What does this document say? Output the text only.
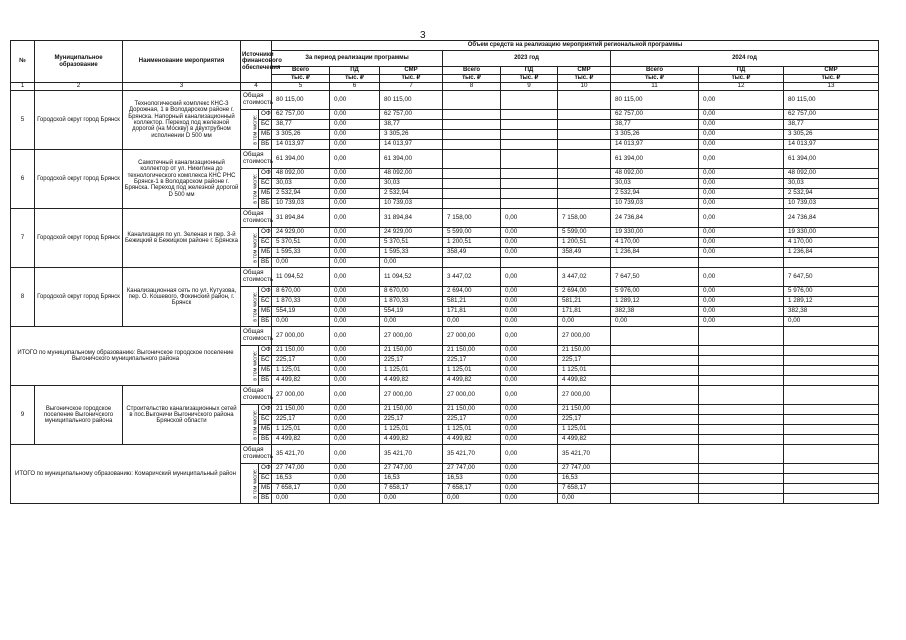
3
№	Муниципальное образование	Наименование мероприятия	Источники финансового обеспечения		Объем средств на реализацию мероприятий региональной программы								
					За период реализации программы			2023 год			2024 год		
					Всего	ПД	СМР	Всего	ПД	СМР	Всего	ПД	СМР
					тыс. ₽	тыс. ₽	тыс. ₽	тыс. ₽	тыс. ₽	тыс. ₽	тыс. ₽	тыс. ₽	тыс. ₽
1	2	3	4		5	6	7	8	9	10	11	12	13
5	Городской округ город Брянск	Технологический комплекс КНС-3 Дорожная, 1 в Володарском районе г. Брянска. Напорный канализационный коллектор. Переход под железной дорогой (на Москву) в двухтрубном исполнении D 500 мм	Общая стоимость		80 115,00	0,00	80 115,00				80 115,00	0,00	80 115,00
			в том числе:	ОФ	62 757,00	0,00	62 757,00				62 757,00	0,00	62 757,00
				БС	38,77	0,00	38,77				38,77	0,00	38,77
				МБ	3 305,26	0,00	3 305,26				3 305,26	0,00	3 305,26
				ВБ	14 013,97	0,00	14 013,97				14 013,97	0,00	14 013,97
6	Городской округ город Брянск	Самотечный канализационный коллектор от ул. Никитина до технологического комплекса КНС РНС Брянск-1 в Володарском районе г. Брянска. Переход под железной дорогой D 500 мм	Общая стоимость		61 394,00	0,00	61 394,00				61 394,00	0,00	61 394,00
			в том числе:	ОФ	48 092,00	0,00	48 092,00				48 092,00	0,00	48 092,00
				БС	30,03	0,00	30,03				30,03	0,00	30,03
				МБ	2 532,94	0,00	2 532,94				2 532,94	0,00	2 532,94
				ВБ	10 739,03	0,00	10 739,03				10 739,03	0,00	10 739,03
7	Городской округ город Брянск	Канализация по ул. Зеленая и пер. 3-й Бежицкий в Бежицком районе г. Брянска	Общая стоимость		31 894,84	0,00	31 894,84	7 158,00	0,00	7 158,00	24 736,84	0,00	24 736,84
			в том числе:	ОФ	24 929,00	0,00	24 929,00	5 599,00	0,00	5 599,00	19 330,00	0,00	19 330,00
				БС	5 370,51	0,00	5 370,51	1 200,51	0,00	1 200,51	4 170,00	0,00	4 170,00
				МБ	1 595,33	0,00	1 595,33	358,49	0,00	358,49	1 236,84	0,00	1 236,84
				ВБ	0,00	0,00	0,00						
8	Городской округ город Брянск	Канализационная сеть по ул. Кутузова, пер. О. Кошевого, Фокинский район, г. Брянск	Общая стоимость		11 094,52	0,00	11 094,52	3 447,02	0,00	3 447,02	7 647,50	0,00	7 647,50
			в том числе:	ОФ	8 670,00	0,00	8 670,00	2 694,00	0,00	2 694,00	5 976,00	0,00	5 976,00
				БС	1 870,33	0,00	1 870,33	581,21	0,00	581,21	1 289,12	0,00	1 289,12
				МБ	554,19	0,00	554,19	171,81	0,00	171,81	382,38	0,00	382,38
				ВБ	0,00	0,00	0,00	0,00	0,00	0,00	0,00	0,00	0,00
ИТОГО по муниципальному образованию: Выгоничское городское поселение Выгоничского муниципального района			Общая стоимость		27 000,00	0,00	27 000,00	27 000,00	0,00	27 000,00			
			в том числе:	ОФ	21 150,00	0,00	21 150,00	21 150,00	0,00	21 150,00			
				БС	225,17	0,00	225,17	225,17	0,00	225,17			
				МБ	1 125,01	0,00	1 125,01	1 125,01	0,00	1 125,01			
				ВБ	4 499,82	0,00	4 499,82	4 499,82	0,00	4 499,82			
9	Выгоничское городское поселение Выгоничского муниципального района	Строительство канализационных сетей в пос.Выгоничи Выгоничского района Брянской области	Общая стоимость		27 000,00	0,00	27 000,00	27 000,00	0,00	27 000,00			
			в том числе:	ОФ	21 150,00	0,00	21 150,00	21 150,00	0,00	21 150,00			
				БС	225,17	0,00	225,17	225,17	0,00	225,17			
				МБ	1 125,01	0,00	1 125,01	1 125,01	0,00	1 125,01			
				ВБ	4 499,82	0,00	4 499,82	4 499,82	0,00	4 499,82			
ИТОГО по муниципальному образованию: Комаричский муниципальный район			Общая стоимость		35 421,70	0,00	35 421,70	35 421,70	0,00	35 421,70			
			в том числе:	ОФ	27 747,00	0,00	27 747,00	27 747,00	0,00	27 747,00			
				БС	16,53	0,00	16,53	16,53	0,00	16,53			
				МБ	7 658,17	0,00	7 658,17	7 658,17	0,00	7 658,17			
				ВБ	0,00	0,00	0,00	0,00	0,00	0,00			
